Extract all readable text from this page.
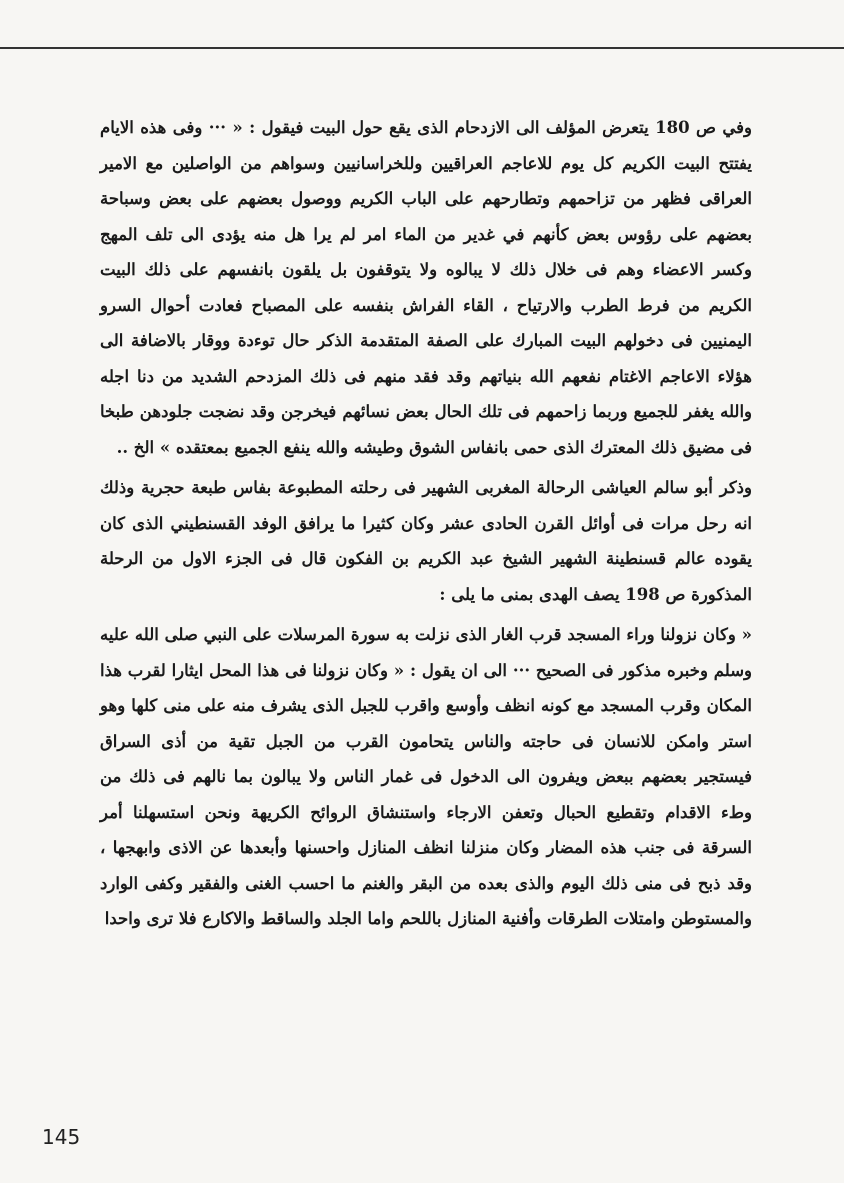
وفي ص 180 يتعرض المؤلف الى الازدحام الذى يقع حول البيت فيقول : « ··· وفى هذه الايام يفتتح البيت الكريم كل يوم للاعاجم العراقيين وللخراسانيين وسواهم من الواصلين مع الامير العراقى فظهر من تزاحمهم وتطارحهم على الباب الكريم ووصول بعضهم على بعض وسباحة بعضهم على رؤوس بعض كأنهم في غدير من الماء امر لم يرا هل منه يؤدى الى تلف المهج وكسر الاعضاء وهم فى خلال ذلك لا يبالوه ولا يتوقفون بل يلقون بانفسهم على ذلك البيت الكريم من فرط الطرب والارتياح ، القاء الفراش بنفسه على المصباح فعادت أحوال السرو اليمنيين فى دخولهم البيت المبارك على الصفة المتقدمة الذكر حال توءدة ووقار بالاضافة الى هؤلاء الاعاجم الاغتام نفعهم الله بنياتهم وقد فقد منهم فى ذلك المزدحم الشديد من دنا اجله والله يغفر للجميع وربما زاحمهم فى تلك الحال بعض نسائهم فيخرجن وقد نضجت جلودهن طبخا فى مضيق ذلك المعترك الذى حمى بانفاس الشوق وطيشه والله ينفع الجميع بمعتقده » الخ ..

وذكر أبو سالم العياشى الرحالة المغربى الشهير فى رحلته المطبوعة بفاس طبعة حجرية وذلك انه رحل مرات فى أوائل القرن الحادى عشر وكان كثيرا ما يرافق الوفد القسنطيني الذى كان يقوده عالم قسنطينة الشهير الشيخ عبد الكريم بن الفكون قال فى الجزء الاول من الرحلة المذكورة ص 198 يصف الهدى بمنى ما يلى :

« وكان نزولنا وراء المسجد قرب الغار الذى نزلت به سورة المرسلات على النبي صلى الله عليه وسلم وخبره مذكور فى الصحيح ··· الى ان يقول : « وكان نزولنا فى هذا المحل ايثارا لقرب هذا المكان وقرب المسجد مع كونه انظف وأوسع واقرب للجبل الذى يشرف منه على منى كلها وهو استر وامكن للانسان فى حاجته والناس يتحامون القرب من الجبل تقية من أذى السراق فيستجير بعضهم ببعض ويفرون الى الدخول فى غمار الناس ولا يبالون بما نالهم فى ذلك من وطء الاقدام وتقطيع الحبال وتعفن الارجاء واستنشاق الروائح الكريهة ونحن استسهلنا أمر السرقة فى جنب هذه المضار وكان منزلنا انظف المنازل واحسنها وأبعدها عن الاذى وابهجها ، وقد ذبح فى منى ذلك اليوم والذى بعده من البقر والغنم ما احسب الغنى والفقير وكفى الوارد والمستوطن وامتلات الطرقات وأفنية المنازل باللحم واما الجلد والساقط والاكارع فلا ترى واحدا

145
